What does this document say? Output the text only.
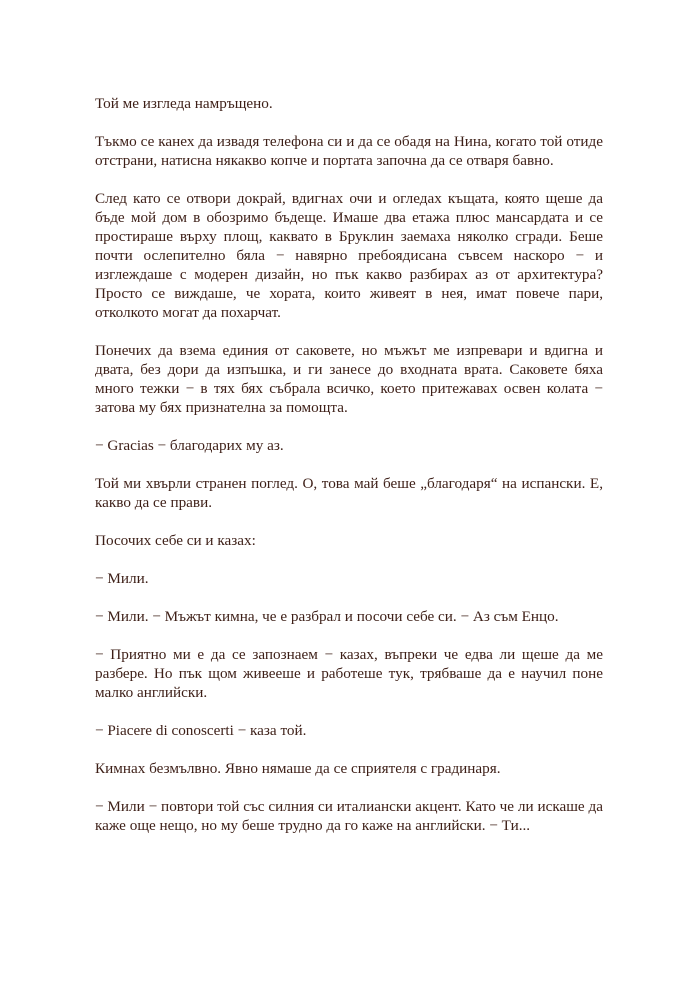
Той ме изгледа намръщено.

Тъкмо се канех да извадя телефона си и да се обадя на Нина, когато той отиде отстрани, натисна някакво копче и портата започна да се отваря бавно.

След като се отвори докрай, вдигнах очи и огледах къщата, която щеше да бъде мой дом в обозримо бъдеще. Имаше два етажа плюс мансардата и се простираше върху площ, каквато в Бруклин заемаха няколко сгради. Беше почти ослепително бяла − навярно пребоядисана съвсем наскоро − и изглеждаше с модерен дизайн, но пък какво разбирах аз от архитектура? Просто се виждаше, че хората, които живеят в нея, имат повече пари, отколкото могат да похарчат.

Понечих да взема единия от саковете, но мъжът ме изпревари и вдигна и двата, без дори да изпъшка, и ги занесе до входната врата. Саковете бяха много тежки − в тях бях събрала всичко, което притежавах освен колата − затова му бях признателна за помощта.

− Gracias − благодарих му аз.

Той ми хвърли странен поглед. О, това май беше „благодаря“ на испански. Е, какво да се прави.

Посочих себе си и казах:

− Мили.

− Мили. − Мъжът кимна, че е разбрал и посочи себе си. − Аз съм Енцо.

− Приятно ми е да се запознаем − казах, въпреки че едва ли щеше да ме разбере. Но пък щом живееше и работеше тук, трябваше да е научил поне малко английски.

− Piacere di conoscerti − каза той.

Кимнах безмълвно. Явно нямаше да се сприятеля с градинаря.

− Мили − повтори той със силния си италиански акцент. Като че ли искаше да каже още нещо, но му беше трудно да го каже на английски. − Ти...
